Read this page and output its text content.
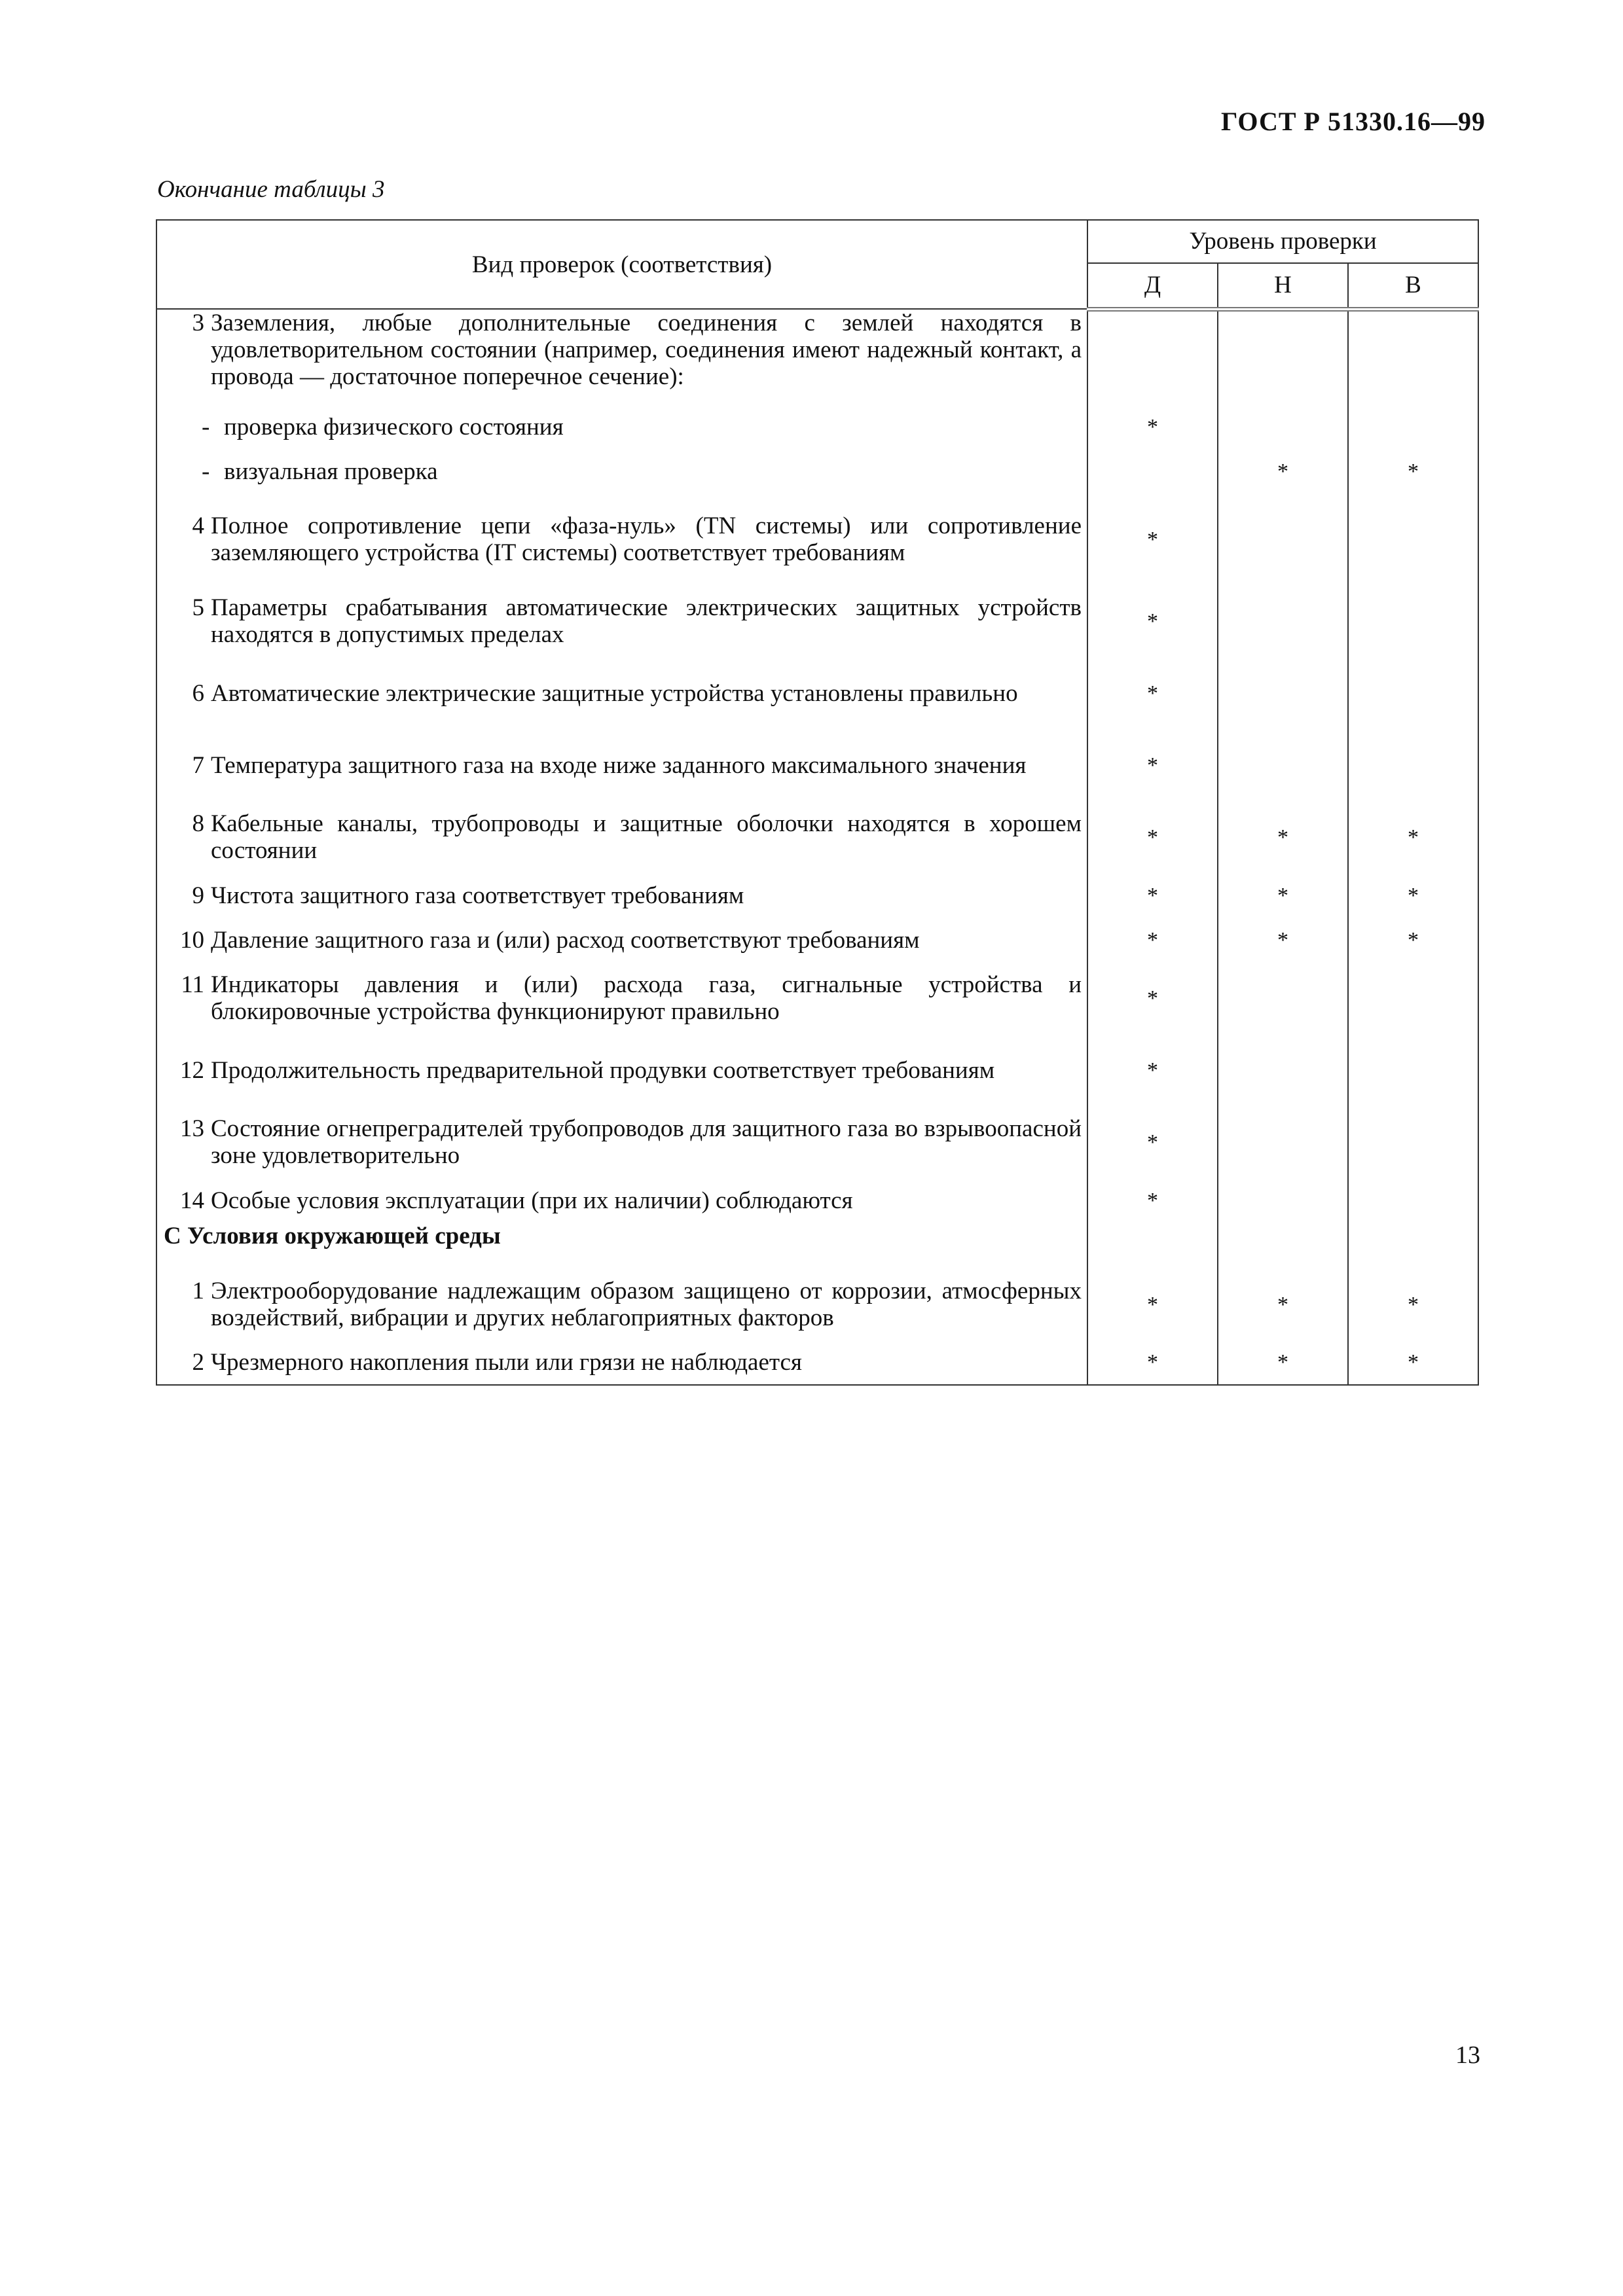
ГОСТ Р 51330.16—99
Окончание таблицы 3
Вид проверок (соответствия)	Уровень проверки		
	Д	Н	В

3 Заземления, любые дополнительные соединения с землей находятся в удовлетворительном состоянии (например, соединения имеют надежный контакт, а провода — достаточное поперечное сечение):			

- проверка физического состояния	*		

- визуальная проверка		*	*

4 Полное сопротивление цепи «фаза-нуль» (TN системы) или сопротивление заземляющего устройства (IT системы) соответствует требованиям	*		

5 Параметры срабатывания автоматические электрических защитных устройств находятся в допустимых пределах	*		

6 Автоматические электрические защитные устройства установлены правильно	*		

7 Температура защитного газа на входе ниже заданного максимального значения	*		

8 Кабельные каналы, трубопроводы и защитные оболочки находятся в хорошем состоянии	*	*	*

9 Чистота защитного газа соответствует требованиям	*	*	*

10 Давление защитного газа и (или) расход соответствуют требованиям	*	*	*

11 Индикаторы давления и (или) расхода газа, сигнальные устройства и блокировочные устройства функционируют правильно	*		

12 Продолжительность предварительной продувки соответствует требованиям	*		

13 Состояние огнепреградителей трубопроводов для защитного газа во взрывоопасной зоне удовлетворительно	*		

14 Особые условия эксплуатации (при их наличии) соблюдаются	*		

С Условия окружающей среды			

1 Электрооборудование надлежащим образом защищено от коррозии, атмосферных воздействий, вибрации и других неблагоприятных факторов	*	*	*

2 Чрезмерного накопления пыли или грязи не наблюдается	*	*	*
13
